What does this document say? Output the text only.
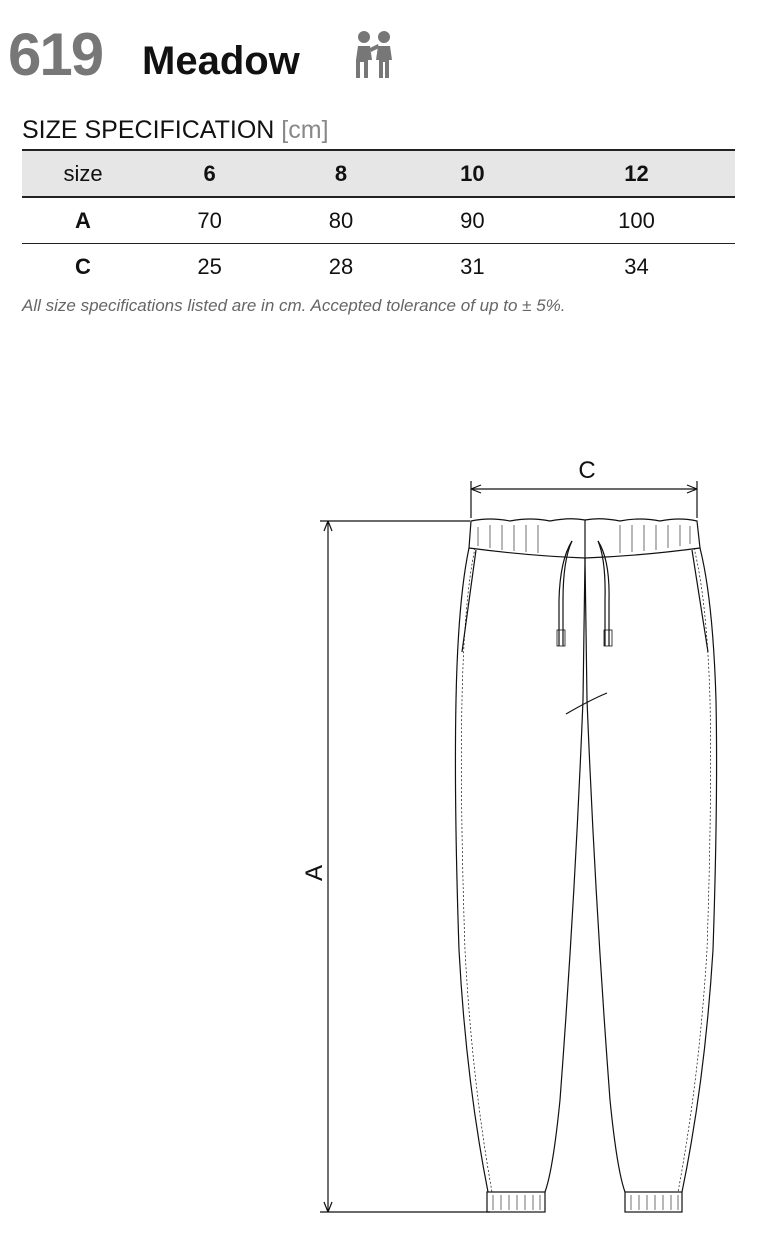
619 Meadow
SIZE SPECIFICATION [cm]
size	6	8	10	12
A	70	80	90	100
C	25	28	31	34
All size specifications listed are in cm. Accepted tolerance of up to ± 5%.
C
A
